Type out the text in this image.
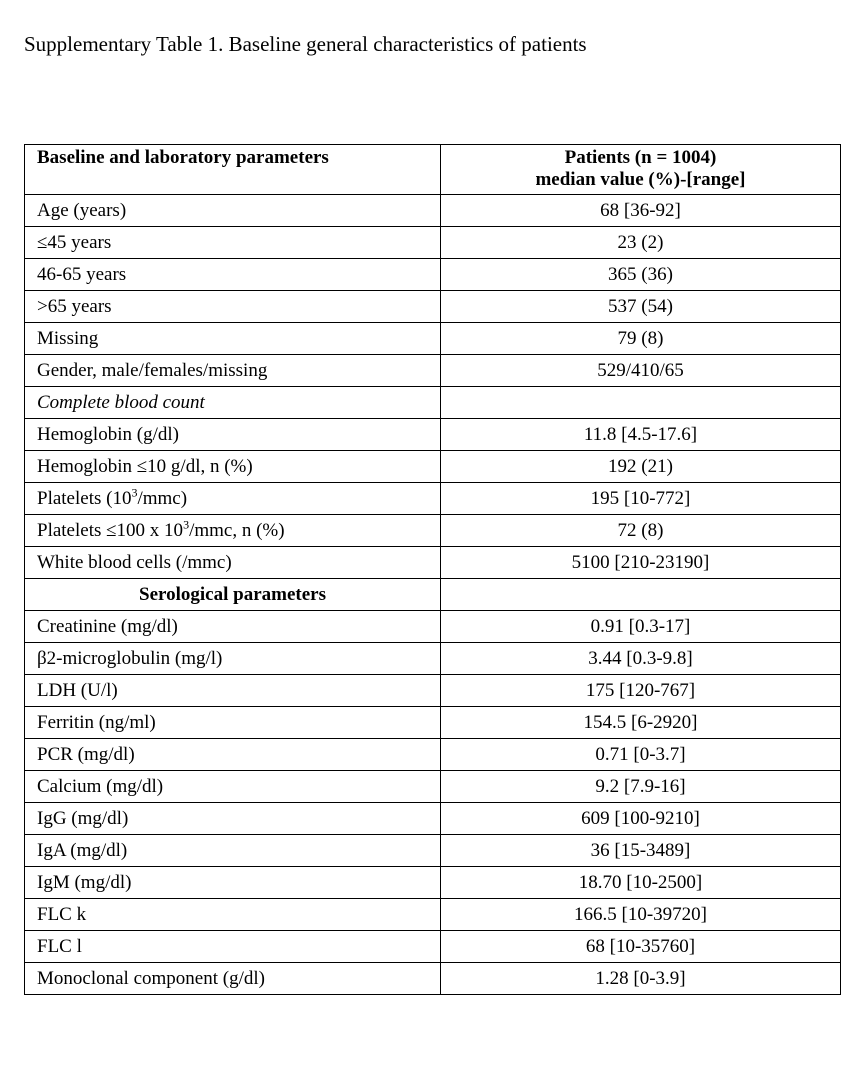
Supplementary Table 1. Baseline general characteristics of patients
Baseline and laboratory parameters	Patients (n = 1004)
median value (%)-[range]

Age (years)	68 [36-92]
≤45 years	23 (2)
46-65 years	365 (36)
>65 years	537 (54)
Missing	79 (8)
Gender, male/females/missing	529/410/65
Complete blood count	
Hemoglobin (g/dl)	11.8 [4.5-17.6]
Hemoglobin ≤10 g/dl, n (%)	192 (21)
Platelets $(10^3/mmc)$	195 [10-772]
Platelets ≤100 x $10^3$/mmc, n (%)	72 (8)
White blood cells (/mmc)	5100 [210-23190]
Serological parameters	
Creatinine (mg/dl)	0.91 [0.3-17]
β2-microglobulin (mg/l)	3.44 [0.3-9.8]
LDH (U/l)	175 [120-767]
Ferritin (ng/ml)	154.5 [6-2920]
PCR (mg/dl)	0.71 [0-3.7]
Calcium (mg/dl)	9.2 [7.9-16]
IgG (mg/dl)	609 [100-9210]
IgA (mg/dl)	36 [15-3489]
IgM (mg/dl)	18.70 [10-2500]
FLC k	166.5 [10-39720]
FLC l	68 [10-35760]
Monoclonal component (g/dl)	1.28 [0-3.9]
